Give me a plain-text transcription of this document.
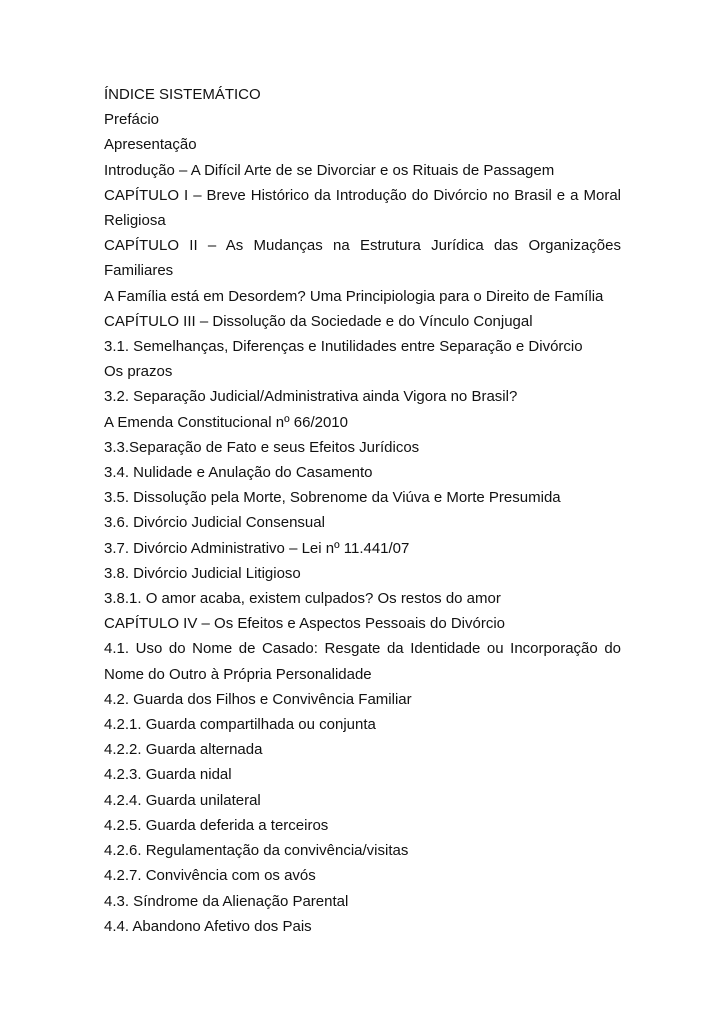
ÍNDICE SISTEMÁTICO
Prefácio
Apresentação
Introdução – A Difícil Arte de se Divorciar e os Rituais de Passagem
CAPÍTULO I – Breve Histórico da Introdução do Divórcio no Brasil e a Moral Religiosa
CAPÍTULO II – As Mudanças na Estrutura Jurídica das Organizações Familiares
A Família está em Desordem? Uma Principiologia para o Direito de Família
CAPÍTULO III – Dissolução da Sociedade e do Vínculo Conjugal
3.1. Semelhanças, Diferenças e Inutilidades entre Separação e Divórcio
Os prazos
3.2. Separação Judicial/Administrativa ainda Vigora no Brasil?
A Emenda Constitucional nº 66/2010
3.3.Separação de Fato e seus Efeitos Jurídicos
3.4. Nulidade e Anulação do Casamento
3.5. Dissolução pela Morte, Sobrenome da Viúva e Morte Presumida
3.6. Divórcio Judicial Consensual
3.7. Divórcio Administrativo – Lei nº 11.441/07
3.8. Divórcio Judicial Litigioso
3.8.1. O amor acaba, existem culpados? Os restos do amor
CAPÍTULO IV – Os Efeitos e Aspectos Pessoais do Divórcio
4.1. Uso do Nome de Casado: Resgate da Identidade ou Incorporação do Nome do Outro à Própria Personalidade
4.2. Guarda dos Filhos e Convivência Familiar
4.2.1. Guarda compartilhada ou conjunta
4.2.2. Guarda alternada
4.2.3. Guarda nidal
4.2.4. Guarda unilateral
4.2.5. Guarda deferida a terceiros
4.2.6. Regulamentação da convivência/visitas
4.2.7. Convivência com os avós
4.3. Síndrome da Alienação Parental
4.4. Abandono Afetivo dos Pais
